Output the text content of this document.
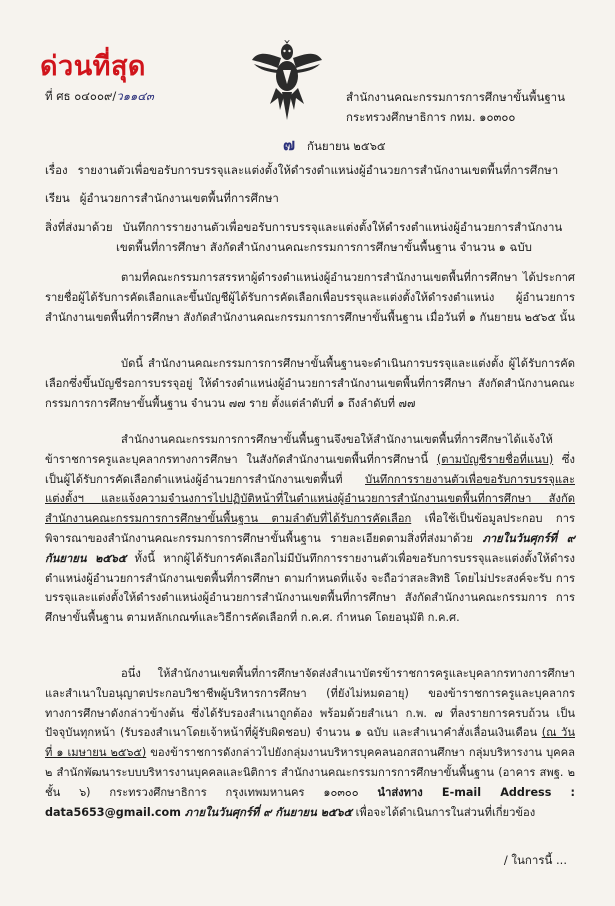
ด่วนที่สุด
ที่ ศธ ๐๔๐๐๙/ว๑๑๔๓	สำนักงานคณะกรรมการการศึกษาขั้นพื้นฐาน
กระทรวงศึกษาธิการ กทม. ๑๐๓๐๐
๗ กันยายน ๒๕๖๕
เรื่อง รายงานตัวเพื่อขอรับการบรรจุและแต่งตั้งให้ดำรงตำแหน่งผู้อำนวยการสำนักงานเขตพื้นที่การศึกษา
เรียน ผู้อำนวยการสำนักงานเขตพื้นที่การศึกษา
สิ่งที่ส่งมาด้วย บันทึกการรายงานตัวเพื่อขอรับการบรรจุและแต่งตั้งให้ดำรงตำแหน่งผู้อำนวยการสำนักงาน
เขตพื้นที่การศึกษา สังกัดสำนักงานคณะกรรมการการศึกษาขั้นพื้นฐาน จำนวน ๑ ฉบับ
ตามที่คณะกรรมการสรรหาผู้ดำรงตำแหน่งผู้อำนวยการสำนักงานเขตพื้นที่การศึกษา ได้ประกาศรายชื่อผู้ได้รับการคัดเลือกและขึ้นบัญชีผู้ได้รับการคัดเลือกเพื่อบรรจุและแต่งตั้งให้ดำรงตำแหน่ง ผู้อำนวยการสำนักงานเขตพื้นที่การศึกษา สังกัดสำนักงานคณะกรรมการการศึกษาขั้นพื้นฐาน เมื่อวันที่ ๑ กันยายน ๒๕๖๕ นั้น
บัดนี้ สำนักงานคณะกรรมการการศึกษาขั้นพื้นฐานจะดำเนินการบรรจุและแต่งตั้ง ผู้ได้รับการคัดเลือกซึ่งขึ้นบัญชีรอการบรรจุอยู่ ให้ดำรงตำแหน่งผู้อำนวยการสำนักงานเขตพื้นที่การศึกษา สังกัดสำนักงานคณะกรรมการการศึกษาขั้นพื้นฐาน จำนวน ๗๗ ราย ตั้งแต่ลำดับที่ ๑ ถึงลำดับที่ ๗๗
สำนักงานคณะกรรมการการศึกษาขั้นพื้นฐานจึงขอให้สำนักงานเขตพื้นที่การศึกษาได้แจ้งให้ ข้าราชการครูและบุคลากรทางการศึกษา ในสังกัดสำนักงานเขตพื้นที่การศึกษานี้ (ตามบัญชีรายชื่อที่แนบ) ซึ่งเป็นผู้ได้รับการคัดเลือกตำแหน่งผู้อำนวยการสำนักงานเขตพื้นที่ บันทึกการรายงานตัวเพื่อขอรับการบรรจุและแต่งตั้งฯ และแจ้งความจำนงการไปปฏิบัติหน้าที่ในตำแหน่งผู้อำนวยการสำนักงานเขตพื้นที่การศึกษา สังกัดสำนักงานคณะกรรมการการศึกษาขั้นพื้นฐาน ตามลำดับที่ได้รับการคัดเลือก เพื่อใช้เป็นข้อมูลประกอบ การพิจารณาของสำนักงานคณะกรรมการการศึกษาขั้นพื้นฐาน รายละเอียดตามสิ่งที่ส่งมาด้วย ภายในวันศุกร์ที่ ๙ กันยายน ๒๕๖๕ ทั้งนี้ หากผู้ได้รับการคัดเลือกไม่มีบันทึกการรายงานตัวเพื่อขอรับการบรรจุและแต่งตั้งให้ดำรง ตำแหน่งผู้อำนวยการสำนักงานเขตพื้นที่การศึกษา ตามกำหนดที่แจ้ง จะถือว่าสละสิทธิ โดยไม่ประสงค์จะรับ การบรรจุและแต่งตั้งให้ดำรงตำแหน่งผู้อำนวยการสำนักงานเขตพื้นที่การศึกษา สังกัดสำนักงานคณะกรรมการ การศึกษาขั้นพื้นฐาน ตามหลักเกณฑ์และวิธีการคัดเลือกที่ ก.ค.ศ. กำหนด โดยอนุมัติ ก.ค.ศ.
อนึ่ง ให้สำนักงานเขตพื้นที่การศึกษาจัดส่งสำเนาบัตรข้าราชการครูและบุคลากรทางการศึกษา และสำเนาใบอนุญาตประกอบวิชาชีพผู้บริหารการศึกษา (ที่ยังไม่หมดอายุ) ของข้าราชการครูและบุคลากร ทางการศึกษาดังกล่าวข้างต้น ซึ่งได้รับรองสำเนาถูกต้อง พร้อมด้วยสำเนา ก.พ. ๗ ที่ลงรายการครบถ้วน เป็นปัจจุบันทุกหน้า (รับรองสำเนาโดยเจ้าหน้าที่ผู้รับผิดชอบ) จำนวน ๑ ฉบับ และสำเนาคำสั่งเลื่อนเงินเดือน (ณ วันที่ ๑ เมษายน ๒๕๖๕) ของข้าราชการดังกล่าวไปยังกลุ่มงานบริหารบุคคลนอกสถานศึกษา กลุ่มบริหารงาน บุคคล ๒ สำนักพัฒนาระบบบริหารงานบุคคลและนิติการ สำนักงานคณะกรรมการการศึกษาขั้นพื้นฐาน (อาคาร สพฐ. ๒ ชั้น ๖) กระทรวงศึกษาธิการ กรุงเทพมหานคร ๑๐๓๐๐ นำส่งทาง E-mail Address : data5653@gmail.com ภายในวันศุกร์ที่ ๙ กันยายน ๒๕๖๕ เพื่อจะได้ดำเนินการในส่วนที่เกี่ยวข้อง
/ ในการนี้ ...
